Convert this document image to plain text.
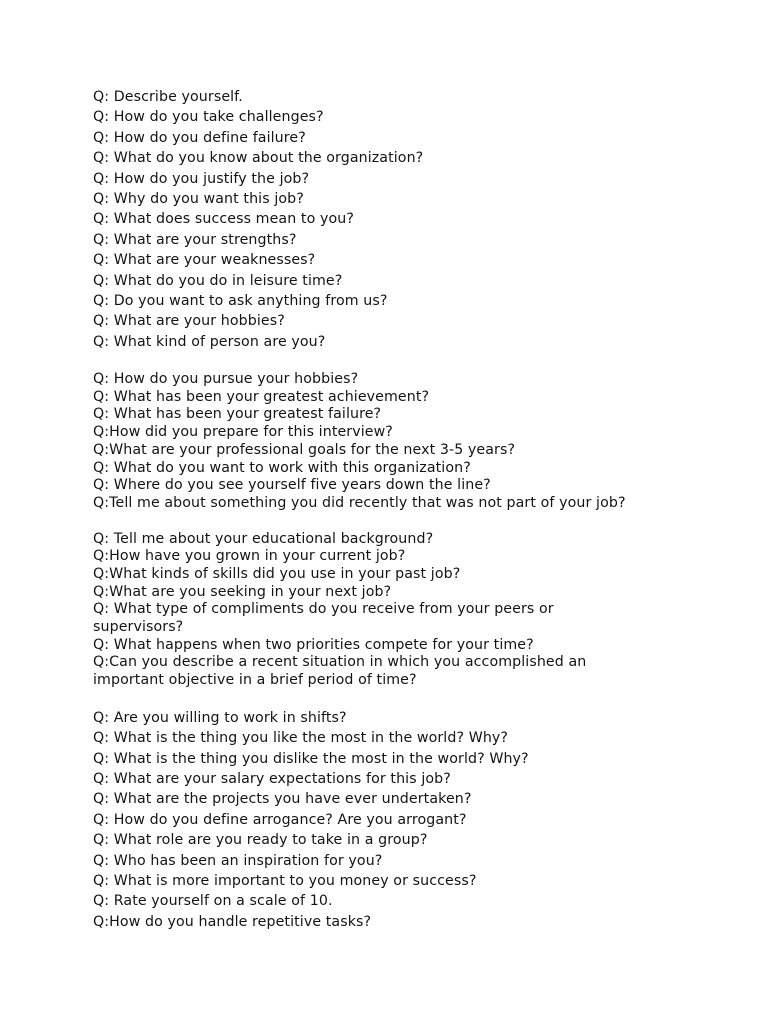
Q: Describe yourself.
Q: How do you take challenges?
Q: How do you define failure?
Q: What do you know about the organization?
Q: How do you justify the job?
Q: Why do you want this job?
Q: What does success mean to you?
Q: What are your strengths?
Q: What are your weaknesses?
Q: What do you do in leisure time?
Q: Do you want to ask anything from us?
Q: What are your hobbies?
Q: What kind of person are you?
Q: How do you pursue your hobbies?
Q: What has been your greatest achievement?
Q: What has been your greatest failure?
Q:How did you prepare for this interview?
Q:What are your professional goals for the next 3-5 years?
Q: What do you want to work with this organization?
Q: Where do you see yourself five years down the line?
Q:Tell me about something you did recently that was not part of your job?
Q: Tell me about your educational background?
Q:How have you grown in your current job?
Q:What kinds of skills did you use in your past job?
Q:What are you seeking in your next job?
Q: What type of compliments do you receive from your peers or
supervisors?
Q: What happens when two priorities compete for your time?
Q:Can you describe a recent situation in which you accomplished an
important objective in a brief period of time?
Q: Are you willing to work in shifts?
Q: What is the thing you like the most in the world? Why?
Q: What is the thing you dislike the most in the world? Why?
Q: What are your salary expectations for this job?
Q: What are the projects you have ever undertaken?
Q: How do you define arrogance? Are you arrogant?
Q: What role are you ready to take in a group?
Q: Who has been an inspiration for you?
Q: What is more important to you money or success?
Q: Rate yourself on a scale of 10.
Q:How do you handle repetitive tasks?
